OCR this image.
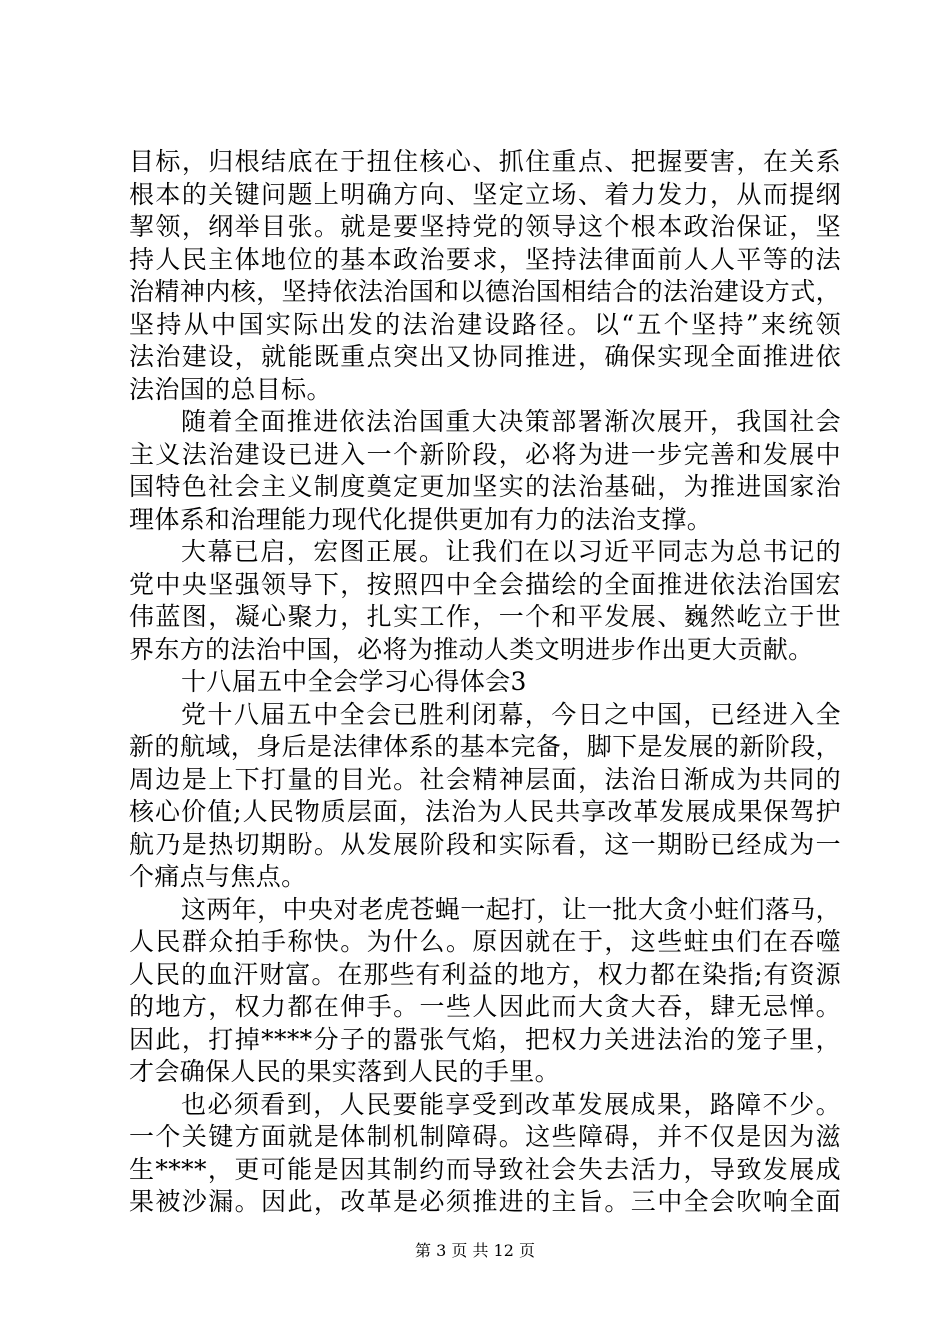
目标，归根结底在于扭住核心、抓住重点、把握要害，在关系
根本的关键问题上明确方向、坚定立场、着力发力，从而提纲
挈领，纲举目张。就是要坚持党的领导这个根本政治保证，坚
持人民主体地位的基本政治要求，坚持法律面前人人平等的法
治精神内核，坚持依法治国和以德治国相结合的法治建设方式，
坚持从中国实际出发的法治建设路径。以“五个坚持”来统领
法治建设，就能既重点突出又协同推进，确保实现全面推进依
法治国的总目标。
随着全面推进依法治国重大决策部署渐次展开，我国社会
主义法治建设已进入一个新阶段，必将为进一步完善和发展中
国特色社会主义制度奠定更加坚实的法治基础，为推进国家治
理体系和治理能力现代化提供更加有力的法治支撑。
大幕已启，宏图正展。让我们在以习近平同志为总书记的
党中央坚强领导下，按照四中全会描绘的全面推进依法治国宏
伟蓝图，凝心聚力，扎实工作，一个和平发展、巍然屹立于世
界东方的法治中国，必将为推动人类文明进步作出更大贡献。
十八届五中全会学习心得体会3
党十八届五中全会已胜利闭幕，今日之中国，已经进入全
新的航域，身后是法律体系的基本完备，脚下是发展的新阶段，
周边是上下打量的目光。社会精神层面，法治日渐成为共同的
核心价值;人民物质层面，法治为人民共享改革发展成果保驾护
航乃是热切期盼。从发展阶段和实际看，这一期盼已经成为一
个痛点与焦点。
这两年，中央对老虎苍蝇一起打，让一批大贪小蛀们落马，
人民群众拍手称快。为什么。原因就在于，这些蛀虫们在吞噬
人民的血汗财富。在那些有利益的地方，权力都在染指;有资源
的地方，权力都在伸手。一些人因此而大贪大吞，肆无忌惮。
因此，打掉****分子的嚣张气焰，把权力关进法治的笼子里，
才会确保人民的果实落到人民的手里。
也必须看到，人民要能享受到改革发展成果，路障不少。
一个关键方面就是体制机制障碍。这些障碍，并不仅是因为滋
生****，更可能是因其制约而导致社会失去活力，导致发展成
果被沙漏。因此，改革是必须推进的主旨。三中全会吹响全面
第 3 页 共 12 页
